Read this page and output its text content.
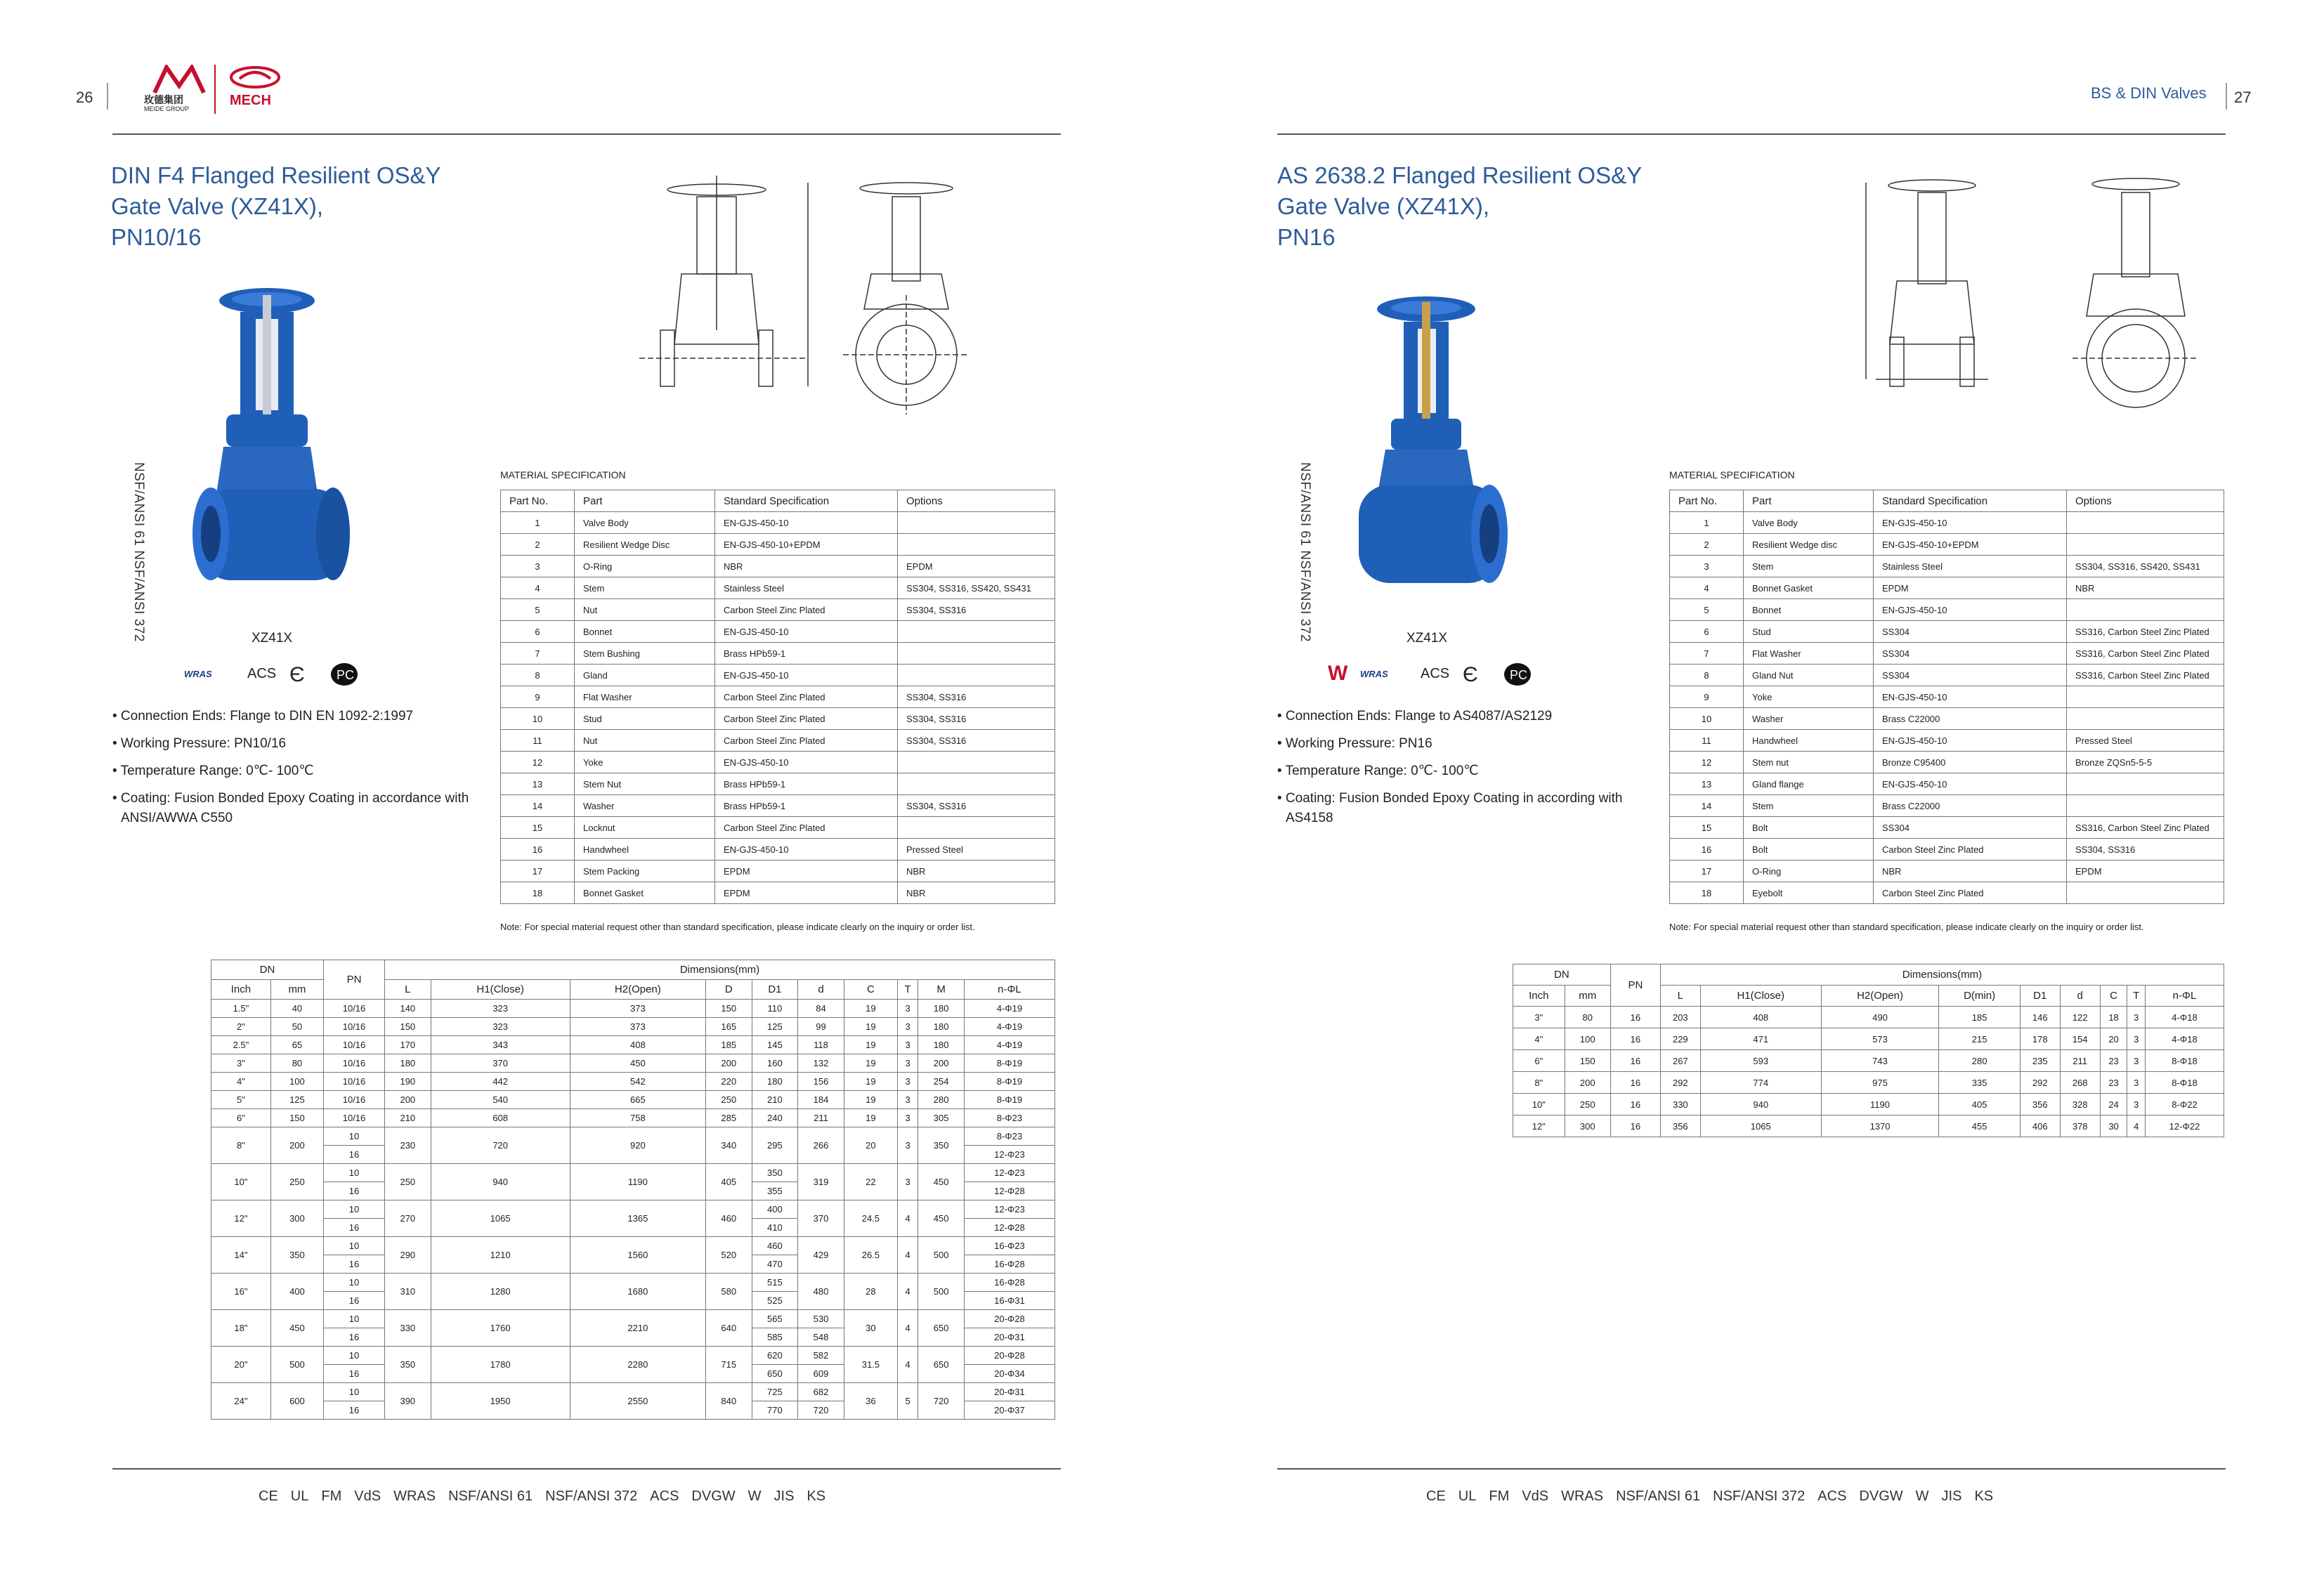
26	玫德集团
MEIDE GROUP
MECH
DIN F4 Flanged Resilient OS&Y
Gate Valve (XZ41X),
PN10/16
NSF/ANSI 61 NSF/ANSI 372	XZ41X
WRAS	ACS Є	PC
• Connection Ends: Flange to DIN EN 1092-2:1997
• Working Pressure: PN10/16
• Temperature Range: 0℃- 100℃
• Coating: Fusion Bonded Epoxy Coating in accordance with
ANSI/AWWA C550
MATERIAL SPECIFICATION
Part No.	Part	Standard Specification	Options
1	Valve Body	EN-GJS-450-10	
2	Resilient Wedge Disc	EN-GJS-450-10+EPDM	
3	O-Ring	NBR	EPDM
4	Stem	Stainless Steel	SS304, SS316, SS420, SS431
5	Nut	Carbon Steel Zinc Plated	SS304, SS316
6	Bonnet	EN-GJS-450-10	
7	Stem Bushing	Brass HPb59-1	
8	Gland	EN-GJS-450-10	
9	Flat Washer	Carbon Steel Zinc Plated	SS304, SS316
10	Stud	Carbon Steel Zinc Plated	SS304, SS316
11	Nut	Carbon Steel Zinc Plated	SS304, SS316
12	Yoke	EN-GJS-450-10	
13	Stem Nut	Brass HPb59-1	
14	Washer	Brass HPb59-1	SS304, SS316
15	Locknut	Carbon Steel Zinc Plated	
16	Handwheel	EN-GJS-450-10	Pressed Steel
17	Stem Packing	EPDM	NBR
18	Bonnet Gasket	EPDM	NBR
Note: For special material request other than standard specification, please indicate clearly on the inquiry or order list.
DN		PN	Dimensions(mm)									
Inch	mm		L	H1(Close)	H2(Open)	D	D1	d	C	T	M	n-ΦL
1.5"	40	10/16	140	323	373	150	110	84	19	3	180	4-Φ19
2"	50	10/16	150	323	373	165	125	99	19	3	180	4-Φ19
2.5"	65	10/16	170	343	408	185	145	118	19	3	180	4-Φ19
3"	80	10/16	180	370	450	200	160	132	19	3	200	8-Φ19
4"	100	10/16	190	442	542	220	180	156	19	3	254	8-Φ19
5"	125	10/16	200	540	665	250	210	184	19	3	280	8-Φ19
6"	150	10/16	210	608	758	285	240	211	19	3	305	8-Φ23
8"	200	10	230	720	920	340	295	266	20	3	350	8-Φ23
		16										12-Φ23
10"	250	10	250	940	1190	405	350	319	22	3	450	12-Φ23
		16					355					12-Φ28
12"	300	10	270	1065	1365	460	400	370	24.5	4	450	12-Φ23
		16					410					12-Φ28
14"	350	10	290	1210	1560	520	460	429	26.5	4	500	16-Φ23
		16					470					16-Φ28
16"	400	10	310	1280	1680	580	515	480	28	4	500	16-Φ28
		16					525					16-Φ31
18"	450	10	330	1760	2210	640	565	530	30	4	650	20-Φ28
		16					585	548				20-Φ31
20"	500	10	350	1780	2280	715	620	582	31.5	4	650	20-Φ28
		16					650	609				20-Φ34
24"	600	10	390	1950	2550	840	725	682	36	5	720	20-Φ31
		16					770	720				20-Φ37
BS & DIN Valves 27
AS 2638.2 Flanged Resilient OS&Y
Gate Valve (XZ41X),
PN16
NSF/ANSI 61 NSF/ANSI 372	XZ41X
W WRAS ACS Є	PC
• Connection Ends: Flange to AS4087/AS2129
• Working Pressure: PN16
• Temperature Range: 0℃- 100℃
• Coating: Fusion Bonded Epoxy Coating in according with
AS4158
MATERIAL SPECIFICATION
Part No.	Part	Standard Specification	Options
1	Valve Body	EN-GJS-450-10	
2	Resilient Wedge disc	EN-GJS-450-10+EPDM	
3	Stem	Stainless Steel	SS304, SS316, SS420, SS431
4	Bonnet Gasket	EPDM	NBR
5	Bonnet	EN-GJS-450-10	
6	Stud	SS304	SS316, Carbon Steel Zinc Plated
7	Flat Washer	SS304	SS316, Carbon Steel Zinc Plated
8	Gland Nut	SS304	SS316, Carbon Steel Zinc Plated
9	Yoke	EN-GJS-450-10	
10	Washer	Brass C22000	
11	Handwheel	EN-GJS-450-10	Pressed Steel
12	Stem nut	Bronze C95400	Bronze ZQSn5-5-5
13	Gland flange	EN-GJS-450-10	
14	Stem	Brass C22000	
15	Bolt	SS304	SS316, Carbon Steel Zinc Plated
16	Bolt	Carbon Steel Zinc Plated	SS304, SS316
17	O-Ring	NBR	EPDM
18	Eyebolt	Carbon Steel Zinc Plated	
Note: For special material request other than standard specification, please indicate clearly on the inquiry or order list.
DN		PN	Dimensions(mm)								
Inch	mm		L	H1(Close)	H2(Open)	D(min)	D1	d	C	T	n-ΦL
3"	80	16	203	408	490	185	146	122	18	3	4-Φ18
4"	100	16	229	471	573	215	178	154	20	3	4-Φ18
6"	150	16	267	593	743	280	235	211	23	3	8-Φ18
8"	200	16	292	774	975	335	292	268	23	3	8-Φ18
10"	250	16	330	940	1190	405	356	328	24	3	8-Φ22
12"	300	16	356	1065	1370	455	406	378	30	4	12-Φ22
CE UL FM VdS WRAS NSF/ANSI 61 NSF/ANSI 372 ACS DVGW W JIS KS	CE UL FM VdS WRAS NSF/ANSI 61 NSF/ANSI 372 ACS DVGW W JIS KS
